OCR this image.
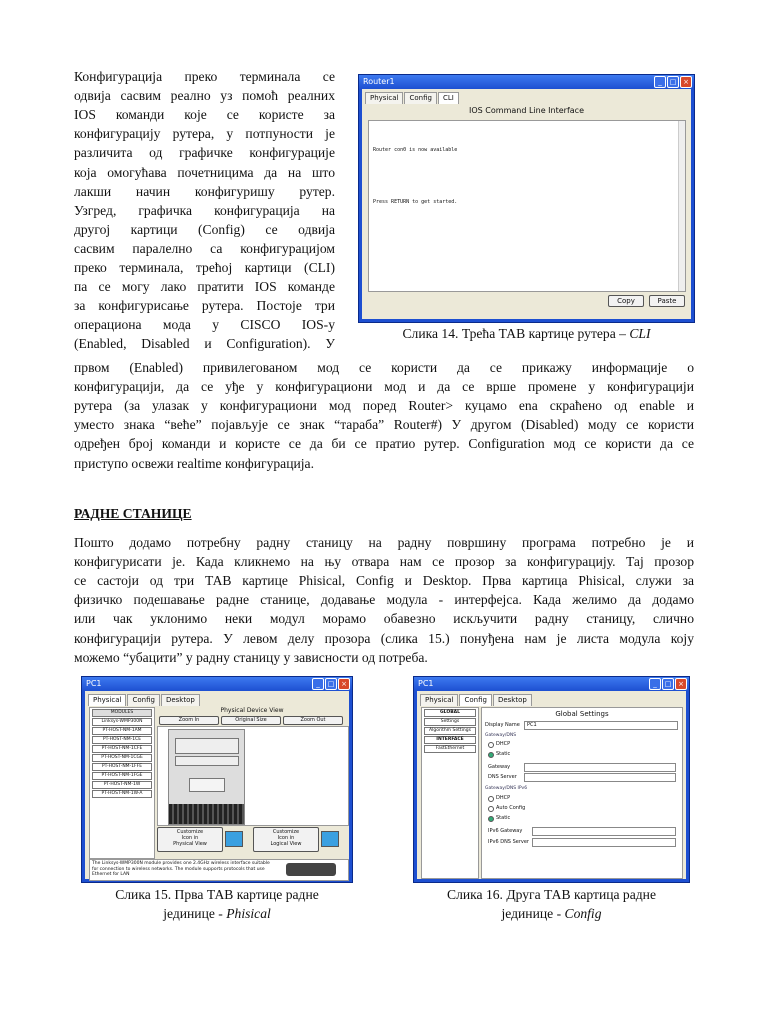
Конфигурација преко терминала се
одвија сасвим реално уз помоћ реалних
IOS команди које се користе за
конфигурацију рутера, у потпуности је
различита од графичке конфигурације
која омогућава почетницима да на што
лакши начин конфигуришу рутер.
Узгред, графичка конфигурација на
другој картици (Config) се одвија
сасвим паралелно са конфигурацијом
преко терминала, трећој картици (CLI)
па се могу лако пратити IOS команде
за конфигурисање рутера. Постоје три
операциона мода у CISCO IOS-у
(Enabled, Disabled и Configuration). У
првом (Enabled) привилегованом мод се користи да се прикажу информације о
конфигурацији, да се уђе у конфигурациони мод и да се врше промене у конфигурацији
рутера (за улазак у конфигурациони мод поред Router> куцамо ena скраћено од enable и
уместо знака “веће” појављује се знак “тараба” Router#) У другом (Disabled) моду се користи
одређен број команди и користе се да би се пратио рутер. Configuration мод се користи да се
приступо освежи realtime конфигурација.
РАДНЕ СТАНИЦЕ
Пошто додамо потребну радну станицу на радну површину програма потребно је и
конфигурисати је. Када кликнемо на њу отвара нам се прозор за конфигурацију. Тај прозор
се састоји од три ТАВ картице Phisical, Config и Desktop. Прва картица Phisical, служи за
физичко подешавање радне станице, додавање модула - интерфејса. Када желимо да додамо
или чак уклонимо неки модул морамо обавезно искључити радну станицу, слично
конфигурацији рутера. У левом делу прозора (слика 15.) понуђена нам је листа модула коју
можемо “убацити” у радну станицу у зависности од потреба.
Router1	_	□ ×
Physical	Config	CLI
IOS Command Line Interface
Router con0 is now available
Press RETURN to get started.
Copy	Paste
Слика 14. Трећа ТАВ картице рутера – CLI
PC1	_	□ ×
Physical	Config	Desktop
MODULES
Linksys-WMP300N
PT-HOST-NM-1AM
PT-HOST-NM-1CE
PT-HOST-NM-1CFE
PT-HOST-NM-1CGE
PT-HOST-NM-1FFE
PT-HOST-NM-1FGE
PT-HOST-NM-1W
PT-HOST-NM-1W-A
Physical Device View
Zoom In	Original Size	Zoom Out
Customize
Icon in
Physical View
Customize
Icon in
Logical View
The Linksys-WMP300N module provides one 2.4GHz wireless interface suitable for connection to wireless networks. The module supports protocols that use Ethernet for LAN
Слика 15. Прва ТАВ картице радне
јединице - Phisical
PC1	_	□ ×
Physical	Config	Desktop
GLOBAL
Settings
Algorithm Settings
INTERFACE
FastEthernet
Global Settings
Display Name	PC1
Gateway/DNS
DHCP
Static
Gateway
DNS Server
Gateway/DNS IPv6
DHCP
Auto Config
Static
IPv6 Gateway
IPv6 DNS Server
Слика 16. Друга ТАВ картица радне
јединице - Config
